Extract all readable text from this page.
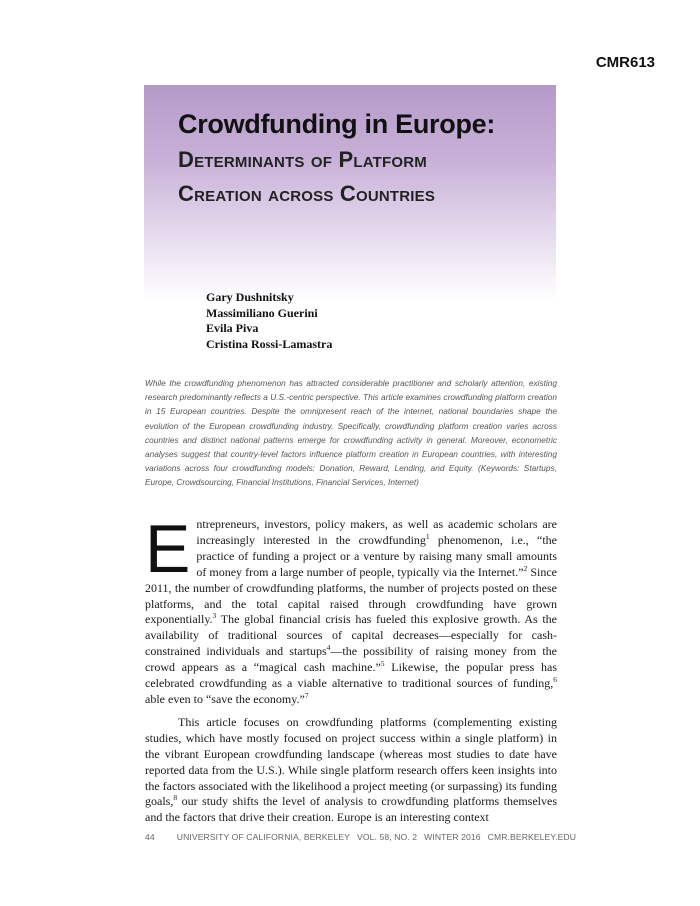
CMR613
Crowdfunding in Europe:
Determinants of Platform
Creation across Countries
Gary Dushnitsky
Massimiliano Guerini
Evila Piva
Cristina Rossi-Lamastra

While the crowdfunding phenomenon has attracted considerable practitioner and scholarly attention, existing research predominantly reflects a U.S.-centric perspective. This article examines crowdfunding platform creation in 15 European countries. Despite the omnipresent reach of the internet, national boundaries shape the evolution of the European crowdfunding industry. Specifically, crowdfunding platform creation varies across countries and distinct national patterns emerge for crowdfunding activity in general. Moreover, econometric analyses suggest that country-level factors influence platform creation in European countries, with interesting variations across four crowdfunding models: Donation, Reward, Lending, and Equity. (Keywords: Startups, Europe, Crowdsourcing, Financial Institutions, Financial Services, Internet)

Entrepreneurs, investors, policy makers, as well as academic scholars are increasingly interested in the crowdfunding$^1$ phenomenon, i.e., “the practice of funding a project or a venture by raising many small amounts of money from a large number of people, typically via the Internet.”$^2$ Since 2011, the number of crowdfunding platforms, the number of projects posted on these platforms, and the total capital raised through crowdfunding have grown exponentially.$^3$ The global financial crisis has fueled this explosive growth. As the availability of traditional sources of capital decreases—especially for cash-constrained individuals and startups$^4$—the possibility of raising money from the crowd appears as a “magical cash machine.”$^5$ Likewise, the popular press has celebrated crowdfunding as a viable alternative to traditional sources of funding,$^6$ able even to “save the economy.”$^7$

This article focuses on crowdfunding platforms (complementing existing studies, which have mostly focused on project success within a single platform) in the vibrant European crowdfunding landscape (whereas most studies to date have reported data from the U.S.). While single platform research offers keen insights into the factors associated with the likelihood a project meeting (or surpassing) its funding goals,$^8$ our study shifts the level of analysis to crowdfunding platforms themselves and the factors that drive their creation. Europe is an interesting context

44	UNIVERSITY OF CALIFORNIA, BERKELEY VOL. 58, NO. 2 WINTER 2016 CMR.BERKELEY.EDU
